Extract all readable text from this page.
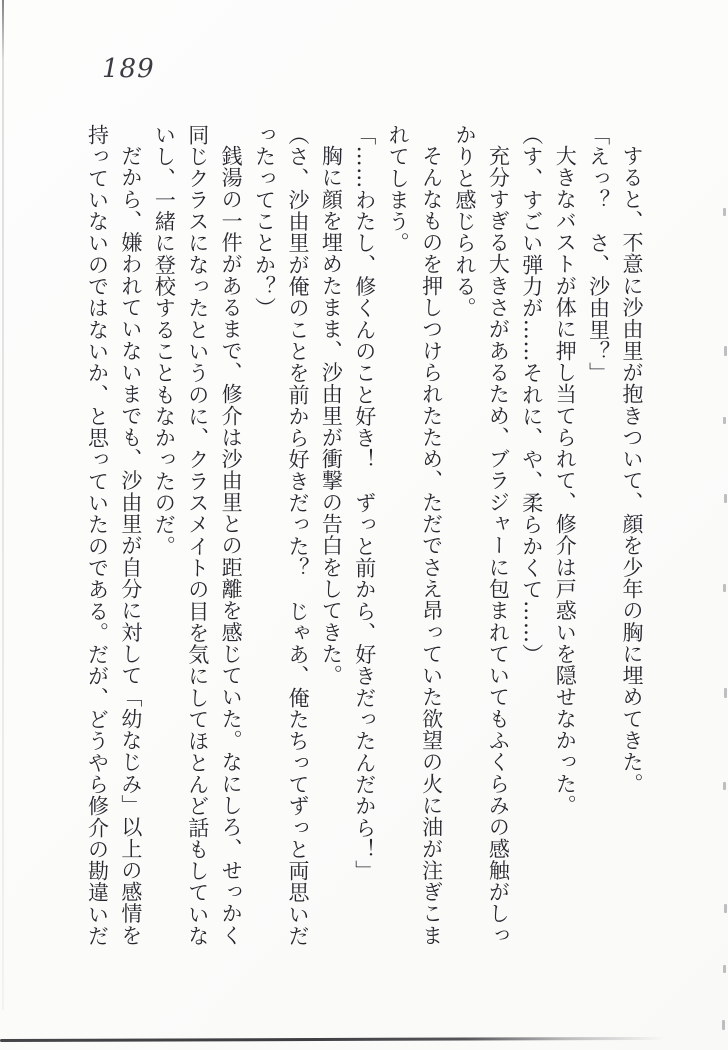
189
すると、不意に沙由里が抱きついて、顔を少年の胸に埋めてきた。
「えっ？　さ、沙由里？」
大きなバストが体に押し当てられて、修介は戸惑いを隠せなかった。
（す、すごい弾力が……それに、や、柔らかくて……）
充分すぎる大きさがあるため、ブラジャーに包まれていてもふくらみの感触がしっ
かりと感じられる。
そんなものを押しつけられたため、ただでさえ昂っていた欲望の火に油が注ぎこま
れてしまう。
「……わたし、修くんのこと好き！　ずっと前から、好きだったんだから！」
胸に顔を埋めたまま、沙由里が衝撃の告白をしてきた。
（さ、沙由里が俺のことを前から好きだった？　じゃあ、俺たちってずっと両思いだ
ったってことか？）
銭湯の一件があるまで、修介は沙由里との距離を感じていた。なにしろ、せっかく
同じクラスになったというのに、クラスメイトの目を気にしてほとんど話もしていな
いし、一緒に登校することもなかったのだ。
だから、嫌われていないまでも、沙由里が自分に対して「幼なじみ」以上の感情を
持っていないのではないか、と思っていたのである。だが、どうやら修介の勘違いだ
